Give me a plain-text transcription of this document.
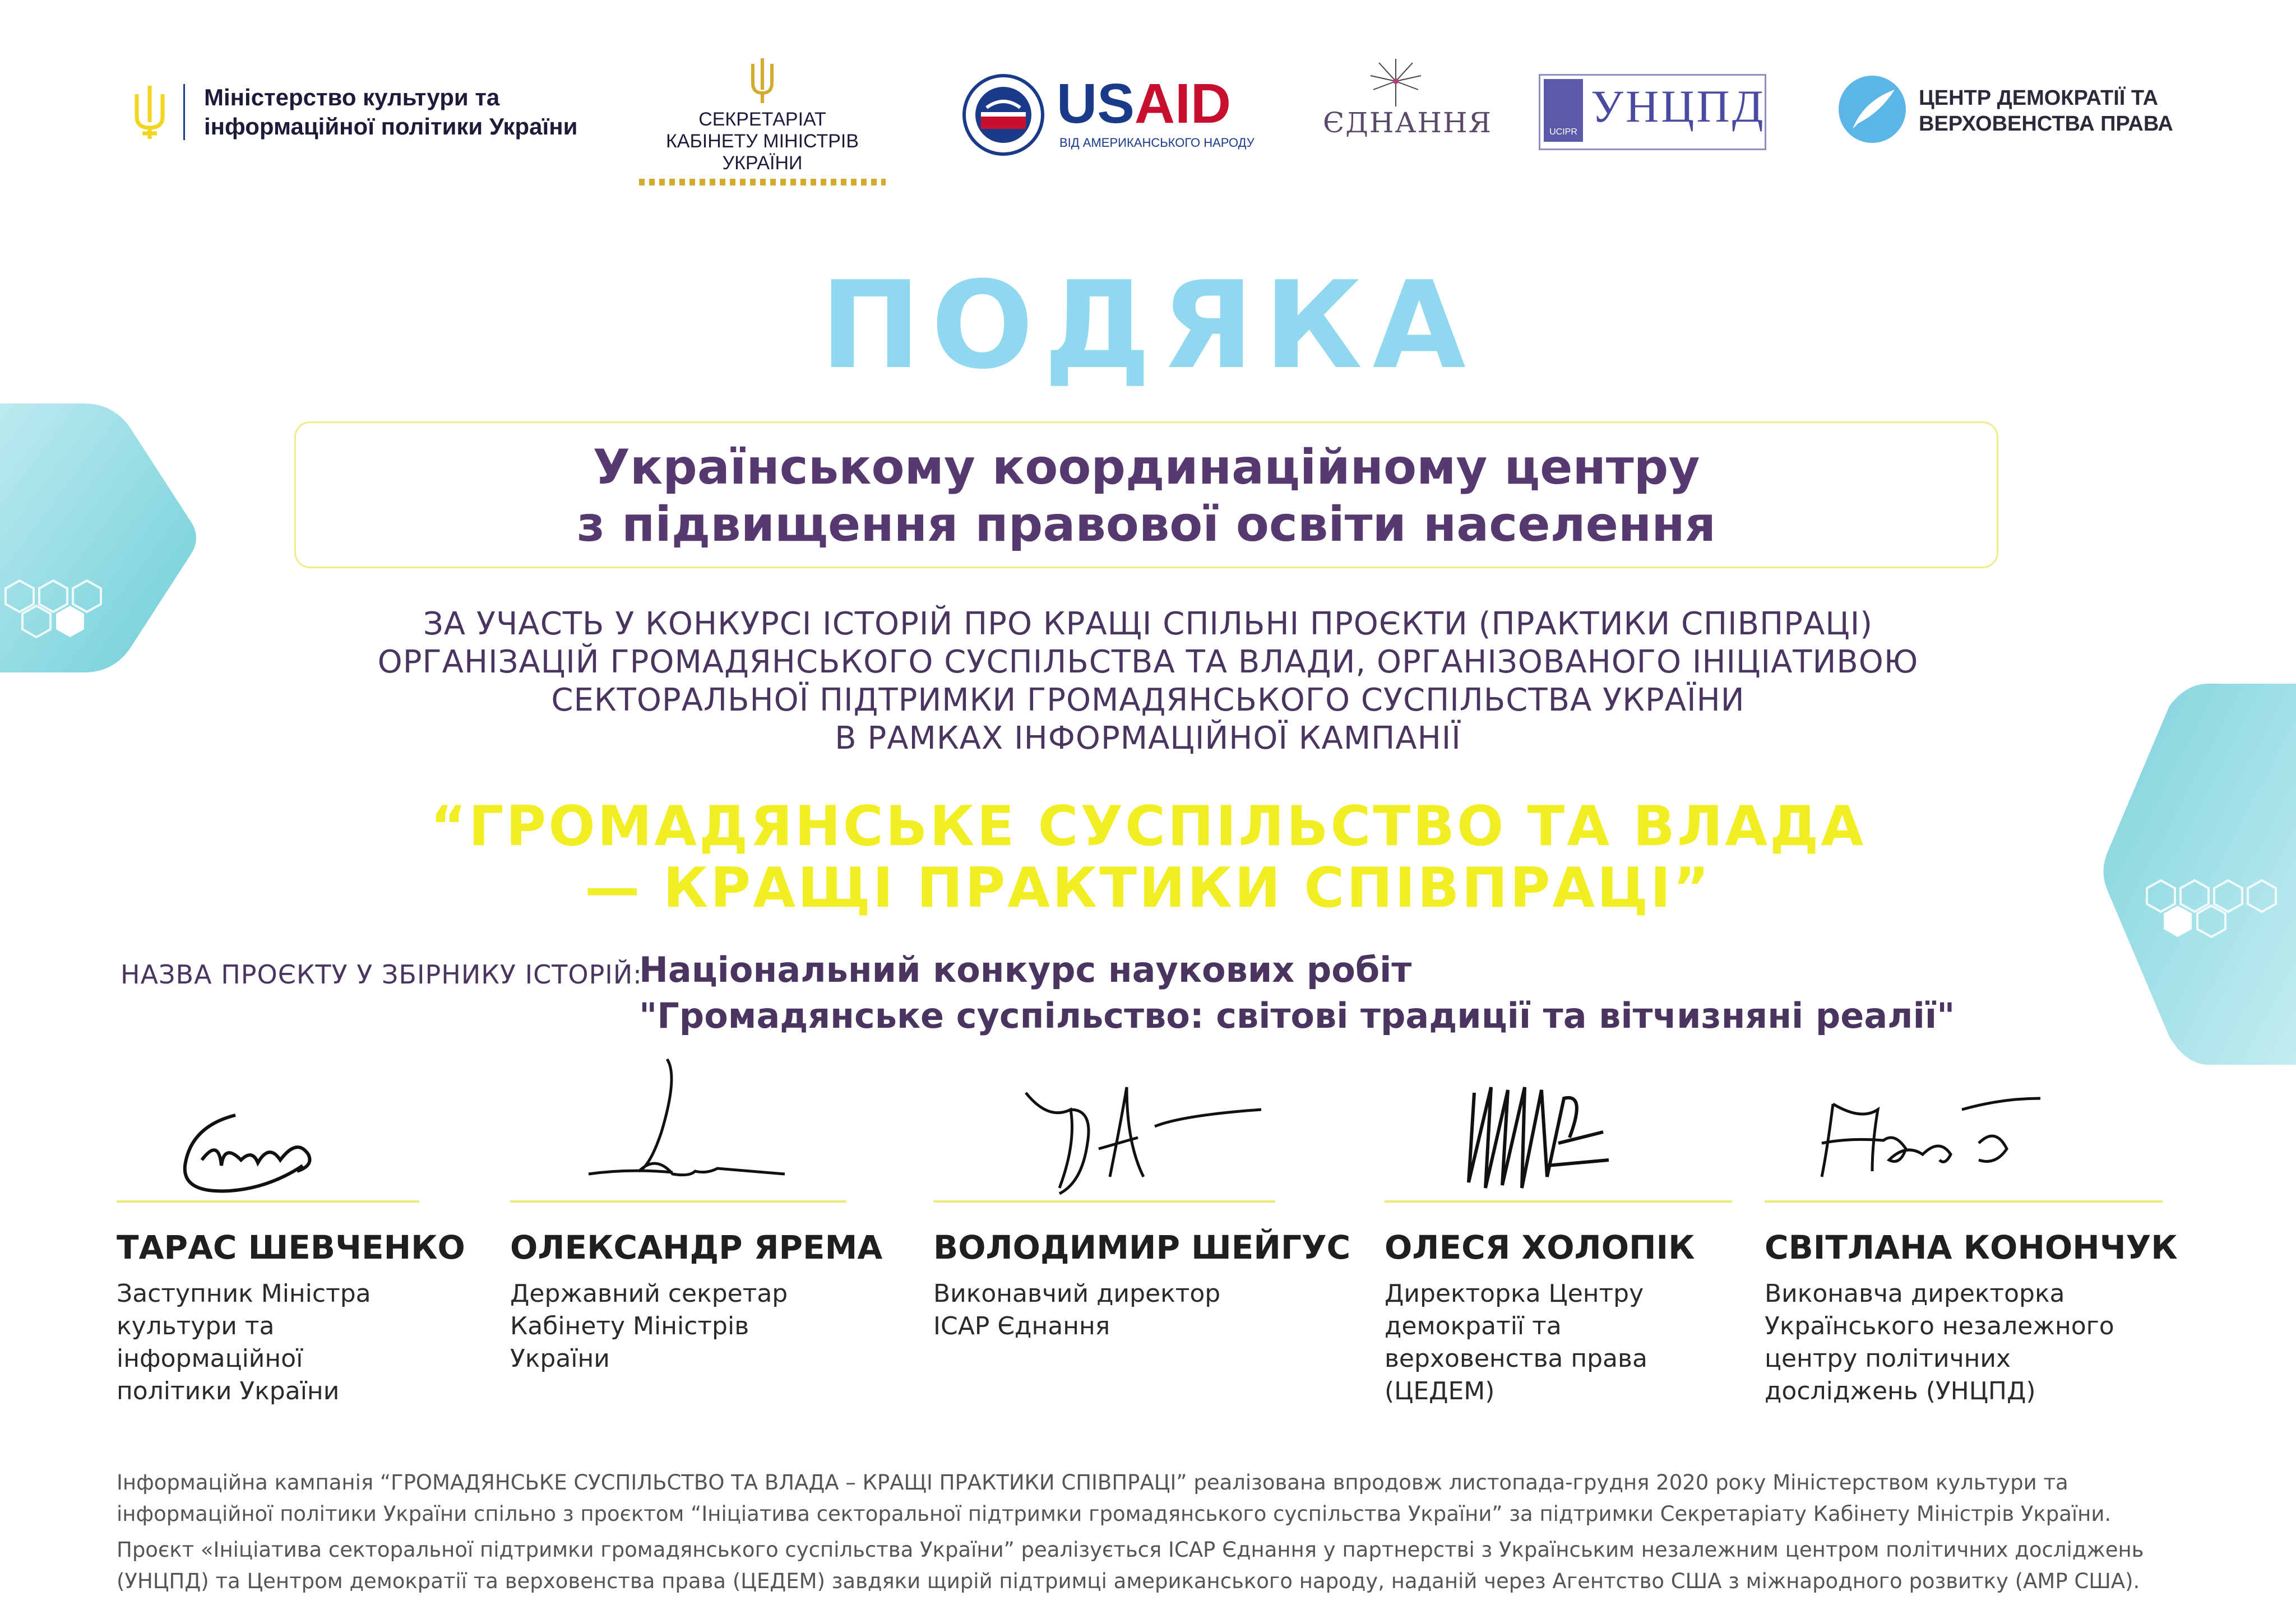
Міністерство культури та
інформаційної політики України	СЕКРЕТАРІАТ
КАБІНЕТУ МІНІСТРІВ УКРАЇНИ
USAID
ВІД АМЕРИКАНСЬКОГО НАРОДУ
ЄДНАННЯ	UCIPR
УНЦПД	ЦЕНТР ДЕМОКРАТІЇ ТА
ВЕРХОВЕНСТВА ПРАВА
ПОДЯКА
Українському координаційному центру
з підвищення правової освіти населення
ЗА УЧАСТЬ У КОНКУРСІ ІСТОРІЙ ПРО КРАЩІ СПІЛЬНІ ПРОЄКТИ (ПРАКТИКИ СПІВПРАЦІ)
ОРГАНІЗАЦІЙ ГРОМАДЯНСЬКОГО СУСПІЛЬСТВА ТА ВЛАДИ, ОРГАНІЗОВАНОГО ІНІЦІАТИВОЮ
СЕКТОРАЛЬНОЇ ПІДТРИМКИ ГРОМАДЯНСЬКОГО СУСПІЛЬСТВА УКРАЇНИ
В РАМКАХ ІНФОРМАЦІЙНОЇ КАМПАНІЇ
“ГРОМАДЯНСЬКЕ СУСПІЛЬСТВО ТА ВЛАДА
— КРАЩІ ПРАКТИКИ СПІВПРАЦІ”
НАЗВА ПРОЄКТУ У ЗБІРНИКУ ІСТОРІЙ:
Національний конкурс наукових робіт
"Громадянське суспільство: світові традиції та вітчизняні реалії"
ТАРАС ШЕВЧЕНКО
Заступник Міністра
культури та
інформаційної
політики України
ОЛЕКСАНДР ЯРЕМА
Державний секретар
Кабінету Міністрів
України
ВОЛОДИМИР ШЕЙГУС
Виконавчий директор
ІСАР Єднання
ОЛЕСЯ ХОЛОПІК
Директорка Центру
демократії та
верховенства права
(ЦЕДЕМ)
СВІТЛАНА КОНОНЧУК
Виконавча директорка
Українського незалежного
центру політичних
досліджень (УНЦПД)
Інформаційна кампанія “ГРОМАДЯНСЬКЕ СУСПІЛЬСТВО ТА ВЛАДА – КРАЩІ ПРАКТИКИ СПІВПРАЦІ” реалізована впродовж листопада-грудня 2020 року Міністерством культури та
інформаційної політики України спільно з проєктом “Ініціатива секторальної підтримки громадянського суспільства України” за підтримки Секретаріату Кабінету Міністрів України.
Проєкт «Ініціатива секторальної підтримки громадянського суспільства України” реалізується ІСАР Єднання у партнерстві з Українським незалежним центром політичних досліджень
(УНЦПД) та Центром демократії та верховенства права (ЦЕДЕМ) завдяки щирій підтримці американського народу, наданій через Агентство США з міжнародного розвитку (АМР США).
